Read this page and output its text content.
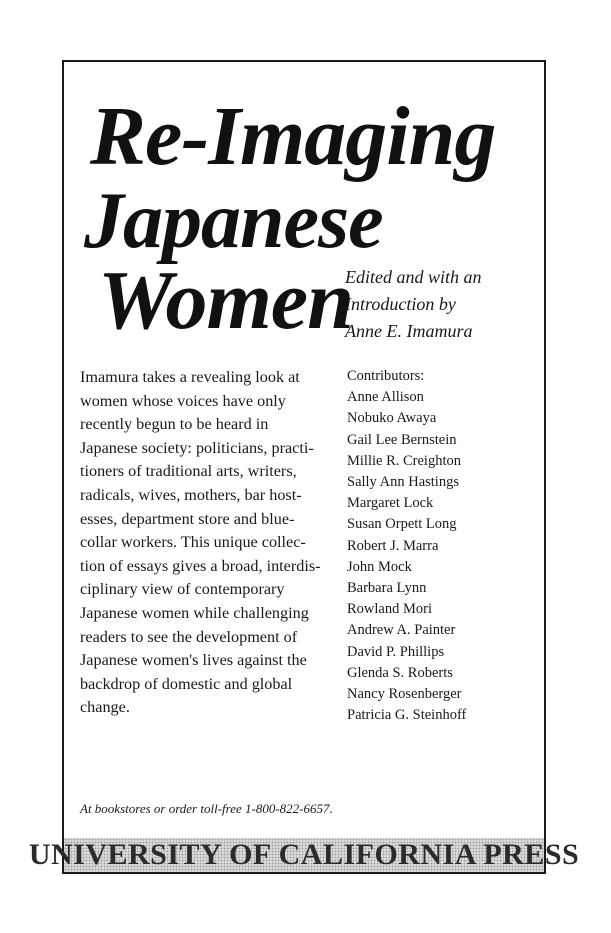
Re-Imaging
Japanese
Women
Edited and with an
Introduction by
Anne E. Imamura
Imamura takes a revealing look at
women whose voices have only
recently begun to be heard in
Japanese society: politicians, practi-
tioners of traditional arts, writers,
radicals, wives, mothers, bar host-
esses, department store and blue-
collar workers. This unique collec-
tion of essays gives a broad, interdis-
ciplinary view of contemporary
Japanese women while challenging
readers to see the development of
Japanese women's lives against the
backdrop of domestic and global
change.
Contributors:
Anne Allison
Nobuko Awaya
Gail Lee Bernstein
Millie R. Creighton
Sally Ann Hastings
Margaret Lock
Susan Orpett Long
Robert J. Marra
John Mock
Barbara Lynn
Rowland Mori
Andrew A. Painter
David P. Phillips
Glenda S. Roberts
Nancy Rosenberger
Patricia G. Steinhoff
At bookstores or order toll-free 1-800-822-6657.
UNIVERSITY OF CALIFORNIA PRESS
